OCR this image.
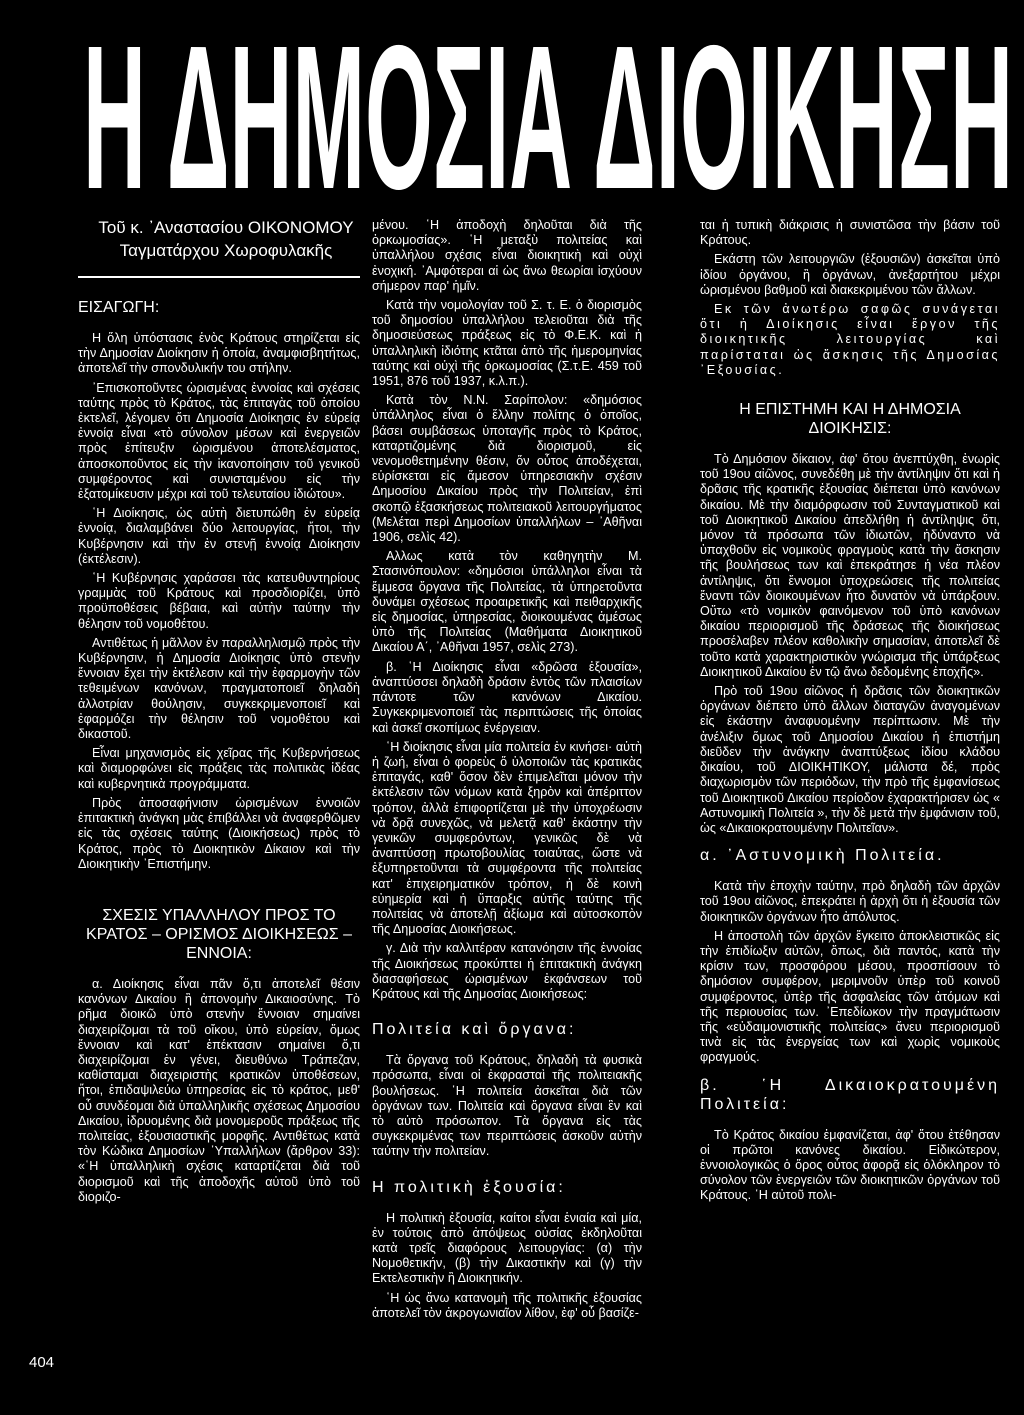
Η ΔΗΜΟΣΙΑ ΔΙΟΙΚΗΣΗ

Τοῦ κ. ᾿Αναστασίου ΟΙΚΟΝΟΜΟΥ

Ταγματάρχου Χωροφυλακῆς

ΕΙΣΑΓΩΓΗ:

Η ὅλη ὑπόστασις ἑνὸς Κράτους στηρίζεται εἰς τὴν Δημοσίαν Διοίκησιν ἡ ὁποία, ἀναμφισβητήτως, ἀποτελεῖ τὴν σπονδυλικήν του στήλην.

᾿Επισκοποῦντες ὡρισμένας ἐννοίας καὶ σχέσεις ταύτης πρὸς τὸ Κράτος, τὰς ἐπιταγὰς τοῦ ὁποίου ἐκτελεῖ, λέγομεν ὅτι Δημοσία Διοίκησις ἐν εὐρείᾳ ἐννοίᾳ εἶναι «τὸ σύνολον μέσων καὶ ἐνεργειῶν πρὸς ἐπίτευξιν ὡρισμένου ἀποτελέσματος, ἀποσκοποῦντος εἰς τὴν ἱκανοποίησιν τοῦ γενικοῦ συμφέροντος καὶ συνισταμένου εἰς τὴν ἐξατομίκευσιν μέχρι καὶ τοῦ τελευταίου ἰδιώτου».

῾Η Διοίκησις, ὡς αὐτὴ διετυπώθη ἐν εὐρείᾳ ἐννοίᾳ, διαλαμβάνει δύο λειτουργίας, ἤτοι, τὴν Κυβέρνησιν καὶ τὴν ἐν στενῇ ἐννοίᾳ Διοίκησιν (ἐκτέλεσιν).

῾Η Κυβέρνησις χαράσσει τὰς κατευθυντηρίους γραμμὰς τοῦ Κράτους καὶ προσδιορίζει, ὑπὸ προϋποθέσεις βέβαια, καὶ αὐτὴν ταύτην τὴν θέλησιν τοῦ νομοθέτου.

Αντιθέτως ἡ μᾶλλον ἐν παραλληλισμῷ πρὸς τὴν Κυβέρνησιν, ἡ Δημοσία Διοίκησις ὑπὸ στενὴν ἔννοιαν ἔχει τὴν ἐκτέλεσιν καὶ τὴν ἐφαρμογὴν τῶν τεθειμένων κανόνων, πραγματοποιεῖ δηλαδὴ ἀλλοτρίαν θούλησιν, συγκεκριμενοποιεῖ καὶ ἐφαρμόζει τὴν θέλησιν τοῦ νομοθέτου καὶ δικαστοῦ.

Εἶναι μηχανισμὸς εἰς χεῖρας τῆς Κυβερνήσεως καὶ διαμορφώνει εἰς πράξεις τὰς πολιτικὰς ἰδέας καὶ κυβερνητικὰ προγράμματα.

Πρὸς ἀποσαφήνισιν ὡρισμένων ἐννοιῶν ἐπιτακτικὴ ἀνάγκη μὰς ἐπιβάλλει νὰ ἀναφερθῶμεν εἰς τὰς σχέσεις ταύτης (Διοικήσεως) πρὸς τὸ Κράτος, πρὸς τὸ Διοικητικὸν Δίκαιον καὶ τὴν Διοικητικὴν ᾿Επιστήμην.

ΣΧΕΣΙΣ ΥΠΑΛΛΗΛΟΥ ΠΡΟΣ ΤΟ ΚΡΑΤΟΣ – ΟΡΙΣΜΟΣ ΔΙΟΙΚΗΣΕΩΣ – ΕΝΝΟΙΑ:

α. Διοίκησις εἶναι πᾶν ὅ,τι ἀποτελεῖ θέσιν κανόνων Δικαίου ἢ ἀπονομὴν Δικαιοσύνης. Τὸ ρῆμα διοικῶ ὑπὸ στενὴν ἔννοιαν σημαίνει διαχειρίζομαι τὰ τοῦ οἴκου, ὑπὸ εὐρείαν, ὅμως ἔννοιαν καὶ κατ' ἐπέκτασιν σημαίνει ὅ,τι διαχειρίζομαι ἐν γένει, διευθύνω Τράπεζαν, καθίσταμαι διαχειριστὴς κρατικῶν ὑποθέσεων, ἤτοι, ἐπιδαψιλεύω ὑπηρεσίας εἰς τὸ κράτος, μεθ' οὗ συνδέομαι διὰ ὑπαλληλικῆς σχέσεως Δημοσίου Δικαίου, ἱδρυομένης διὰ μονομεροῦς πράξεως τῆς πολιτείας, ἐξουσιαστικῆς μορφῆς. Αντιθέτως κατὰ τὸν Κώδικα Δημοσίων ῾Υπαλλήλων (ἄρθρον 33): «῾Η ὑπαλληλικὴ σχέσις καταρτίζεται διὰ τοῦ διορισμοῦ καὶ τῆς ἀποδοχῆς αὐτοῦ ὑπὸ τοῦ διοριζο-

μένου. ῾Η ἀποδοχὴ δηλοῦται διὰ τῆς ὁρκωμοσίας». ῾Η μεταξὺ πολιτείας καὶ ὑπαλλήλου σχέσις εἶναι διοικητικὴ καὶ οὐχὶ ἐνοχική. ᾿Αμφότεραι αἱ ὡς ἄνω θεωρίαι ἰσχύουν σήμερον παρ' ἡμῖν.

Κατὰ τὴν νομολογίαν τοῦ Σ. τ. Ε. ὁ διορισμὸς τοῦ δημοσίου ὑπαλλήλου τελειοῦται διὰ τῆς δημοσιεύσεως πράξεως εἰς τὸ Φ.Ε.Κ. καὶ ἡ ὑπαλληλικὴ ἰδιότης κτᾶται ἀπὸ τῆς ἡμερομηνίας ταύτης καὶ οὐχὶ τῆς ὁρκωμοσίας (Σ.τ.Ε. 459 τοῦ 1951, 876 τοῦ 1937, κ.λ.π.).

Κατὰ τὸν Ν.Ν. Σαρίπολον: «δημόσιος ὑπάλληλος εἶναι ὁ ἕλλην πολίτης ὁ ὁποῖος, βάσει συμβάσεως ὑποταγῆς πρὸς τὸ Κράτος, καταρτιζομένης διὰ διορισμοῦ, εἰς νενομοθετημένην θέσιν, ὅν οὗτος ἀποδέχεται, εὑρίσκεται εἰς ἄμεσον ὑπηρεσιακὴν σχέσιν Δημοσίου Δικαίου πρὸς τὴν Πολιτείαν, ἐπὶ σκοπῷ ἐξασκήσεως πολιτειακοῦ λειτουργήματος (Μελέται περὶ Δημοσίων ὑπαλλήλων – ᾿Αθῆναι 1906, σελὶς 42).

Αλλως κατὰ τὸν καθηγητὴν Μ. Στασινόπουλον: «δημόσιοι ὑπάλληλοι εἶναι τὰ ἔμμεσα ὄργανα τῆς Πολιτείας, τὰ ὑπηρετοῦντα δυνάμει σχέσεως προαιρετικῆς καὶ πειθαρχικῆς εἰς δημοσίας, ὑπηρεσίας, διοικουμένας ἀμέσως ὑπὸ τῆς Πολιτείας (Μαθήματα Διοικητικοῦ Δικαίου Α΄, ᾿Αθῆναι 1957, σελὶς 273).

β. ῾Η Διοίκησις εἶναι «δρῶσα ἐξουσία», ἀναπτύσσει δηλαδὴ δράσιν ἐντὸς τῶν πλαισίων πάντοτε τῶν κανόνων Δικαίου. Συγκεκριμενοποιεῖ τὰς περιπτώσεις τῆς ὁποίας καὶ ἀσκεῖ σκοπίμως ἐνέργειαν.

῾Η διοίκησις εἶναι μία πολιτεία ἐν κινήσει· αὐτὴ ἡ ζωή, εἶναι ὁ φορεὺς ὅ ὑλοποιῶν τὰς κρατικὰς ἐπιταγάς, καθ' ὅσον δὲν ἐπιμελεῖται μόνον τὴν ἐκτέλεσιν τῶν νόμων κατὰ ξηρὸν καὶ ἀπέριττον τρόπον, ἀλλὰ ἐπιφορτίζεται μὲ τὴν ὑποχρέωσιν νὰ δρᾷ συνεχῶς, νὰ μελετᾷ καθ' ἑκάστην τὴν γενικῶν συμφερόντων, γενικῶς δὲ νὰ ἀναπτύσσῃ πρωτοβουλίας τοιαύτας, ὥστε νὰ ἐξυπηρετοῦνται τὰ συμφέροντα τῆς πολιτείας κατ' ἐπιχειρηματικόν τρόπον, ἡ δὲ κοινὴ εὐημερία καὶ ἡ ὕπαρξις αὐτῆς ταύτης τῆς πολιτείας νὰ ἀποτελῇ ἀξίωμα καὶ αὐτοσκοπὸν τῆς Δημοσίας Διοικήσεως.

γ. Διὰ τὴν καλλιτέραν κατανόησιν τῆς ἐννοίας τῆς Διοικήσεως προκύπτει ἡ ἐπιτακτικὴ ἀνάγκη διασαφήσεως ὡρισμένων ἐκφάνσεων τοῦ Κράτους καὶ τῆς Δημοσίας Διοικήσεως:

Πολιτεία καὶ ὄργανα:

Τὰ ὄργανα τοῦ Κράτους, δηλαδὴ τὰ φυσικὰ πρόσωπα, εἶναι οἱ ἐκφρασταὶ τῆς πολιτειακῆς βουλήσεως. ῾Η πολιτεία ἀσκεῖται διὰ τῶν ὀργάνων των. Πολιτεία καὶ ὄργανα εἶναι ἓν καὶ τὸ αὐτὸ πρόσωπον. Τὰ ὄργανα εἰς τὰς συγκεκριμένας των περιπτώσεις ἀσκοῦν αὐτὴν ταύτην τὴν πολιτείαν.

Η πολιτικὴ ἐξουσία:

Η πολιτικὴ ἐξουσία, καίτοι εἶναι ἑνιαία καὶ μία, ἐν τούτοις ἀπὸ ἀπόψεως οὐσίας ἐκδηλοῦται κατὰ τρεῖς διαφόρους λειτουργίας: (α) τὴν Νομοθετικήν, (β) τὴν Δικαστικὴν καὶ (γ) τὴν Εκτελεστικὴν ἢ Διοικητικήν.

῾Η ὡς ἄνω κατανομὴ τῆς πολιτικῆς ἐξουσίας ἀποτελεῖ τὸν ἀκρογωνιαῖον λίθον, ἐφ' οὗ βασίζε-

ται ἡ τυπικὴ διάκρισις ἡ συνιστῶσα τὴν βάσιν τοῦ Κράτους.

Εκάστη τῶν λειτουργιῶν (ἐξουσιῶν) ἀσκεῖται ὑπὸ ἰδίου ὀργάνου, ἢ ὀργάνων, ἀνεξαρτήτου μέχρι ὡρισμένου βαθμοῦ καὶ διακεκριμένου τῶν ἄλλων.

Εκ τῶν ἀνωτέρω σαφῶς συνάγεται ὅτι ἡ Διοίκησις εἶναι ἔργον τῆς διοικητικῆς λειτουργίας καὶ παρίσταται ὡς ἄσκησις τῆς Δημοσίας ᾿Εξουσίας.

Η ΕΠΙΣΤΗΜΗ ΚΑΙ Η ΔΗΜΟΣΙΑ ΔΙΟΙΚΗΣΙΣ:

Τὸ Δημόσιον δίκαιον, ἀφ' ὅτου ἀνεπτύχθη, ἐνωρὶς τοῦ 19ου αἰῶνος, συνεδέθη μὲ τὴν ἀντίληψιν ὅτι καὶ ἡ δρᾶσις τῆς κρατικῆς ἐξουσίας διέπεται ὑπὸ κανόνων δικαίου. Μὲ τὴν διαμόρφωσιν τοῦ Συνταγματικοῦ καὶ τοῦ Διοικητικοῦ Δικαίου ἀπεδλήθη ἡ ἀντίληψις ὅτι, μόνον τὰ πρόσωπα τῶν ἰδιωτῶν, ἠδύναντο νὰ ὑπαχθοῦν εἰς νομικοὺς φραγμοὺς κατὰ τὴν ἄσκησιν τῆς βουλήσεως των καὶ ἐπεκράτησε ἡ νέα πλέον ἀντίληψις, ὅτι ἔννομοι ὑποχρεώσεις τῆς πολιτείας ἔναντι τῶν διοικουμένων ἦτο δυνατὸν νὰ ὑπάρξουν. Οὕτω «τὸ νομικὸν φαινόμενον τοῦ ὑπὸ κανόνων δικαίου περιορισμοῦ τῆς δράσεως τῆς διοικήσεως προσέλαβεν πλέον καθολικὴν σημασίαν, ἀποτελεῖ δὲ τοῦτο κατὰ χαρακτηριστικὸν γνώρισμα τῆς ὑπάρξεως Διοικητικοῦ Δικαίου ἐν τῷ ἄνω δεδομένης ἐποχῆς».

Πρὸ τοῦ 19ου αἰῶνος ἡ δρᾶσις τῶν διοικητικῶν ὀργάνων διέπετο ὑπὸ ἄλλων διαταγῶν ἀναγομένων εἰς ἑκάστην ἀναφυομένην περίπτωσιν. Μὲ τὴν ἀνέλιξιν ὅμως τοῦ Δημοσίου Δικαίου ἡ ἐπιστήμη διεῦδεν τὴν ἀνάγκην ἀναπτύξεως ἰδίου κλάδου δικαίου, τοῦ ΔΙΟΙΚΗΤΙΚΟΥ, μάλιστα δέ, πρὸς διαχωρισμὸν τῶν περιόδων, τὴν πρὸ τῆς ἐμφανίσεως τοῦ Διοικητικοῦ Δικαίου περίοδον ἐχαρακτήρισεν ὡς « Αστυνομικὴ Πολιτεία », τὴν δὲ μετὰ τὴν ἐμφάνισιν τοῦ, ὡς «Δικαιοκρατουμένην Πολιτεῖαν».

α. ᾿Αστυνομικὴ Πολιτεία.

Κατὰ τὴν ἐποχὴν ταύτην, πρὸ δηλαδὴ τῶν ἀρχῶν τοῦ 19ου αἰῶνος, ἐπεκράτει ἡ ἀρχὴ ὅτι ἡ ἐξουσία τῶν διοικητικῶν ὀργάνων ἦτο ἀπόλυτος.

Η ἀποστολὴ τῶν ἀρχῶν ἔγκειτο ἀποκλειστικῶς εἰς τὴν ἐπιδίωξιν αὐτῶν, ὅπως, διὰ παντός, κατὰ τὴν κρίσιν των, προσφόρου μέσου, προσπίσουν τὸ δημόσιον συμφέρον, μεριμνοῦν ὑπὲρ τοῦ κοινοῦ συμφέροντος, ὑπὲρ τῆς ἀσφαλείας τῶν ἀτόμων καὶ τῆς περιουσίας των. ᾿Επεδίωκον τὴν πραγμάτωσιν τῆς «εὐδαιμονιστικῆς πολιτείας» ἄνευ περιορισμοῦ τινὰ εἰς τὰς ἐνεργείας των καὶ χωρὶς νομικοὺς φραγμούς.

β. ῾Η Δικαιοκρατουμένη Πολιτεία:

Τὸ Κράτος δικαίου ἐμφανίζεται, ἀφ' ὅτου ἐτέθησαν οἱ πρῶτοι κανόνες δικαίου. Εἰδικώτερον, ἐννοιολογικῶς ὁ ὅρος οὗτος ἀφορᾷ εἰς ὁλόκληρον τὸ σύνολον τῶν ἐνεργειῶν τῶν διοικητικῶν ὀργάνων τοῦ Κράτους. ῾Η αὐτοῦ πολι-

404
